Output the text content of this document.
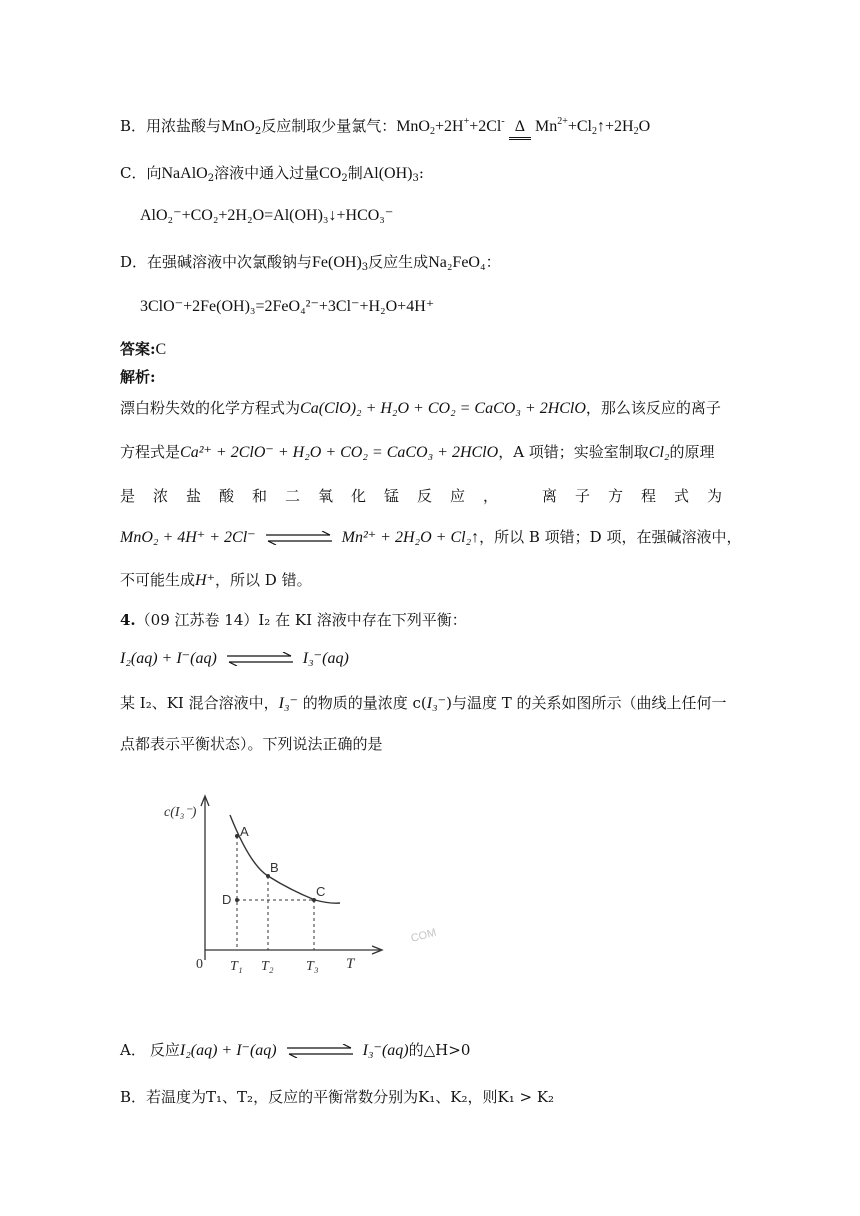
B．用浓盐酸与MnO$_2$反应制取少量氯气：MnO$_2$+2H++2Cl- Δ $Mn^{2+}+Cl_2↑+2H_2O$
C．向NaAlO$_2$溶液中通入过量$CO_2$制$Al(OH)_3$:
AlO₂⁻+CO₂+2H₂O=Al(OH)₃↓+HCO₃⁻
D．在强碱溶液中次氯酸钠与$Fe(OH)_3$反应生成Na₂FeO₄：
3ClO⁻+2Fe(OH)₃=2FeO₄²⁻+3Cl⁻+H₂O+4H⁺
答案:C
解析:
漂白粉失效的化学方程式为Ca(ClO)₂ + H₂O + CO₂ = CaCO₃ + 2HClO，那么该反应的离子
方程式是Ca²⁺ + 2ClO⁻ + H₂O + CO₂ = CaCO₃ + 2HClO，A 项错；实验室制取Cl₂的原理
是浓盐酸和二氧化锰反应， 离子方程式为
MnO₂ + 4H⁺ + 2Cl⁻	Mn²⁺ + 2H₂O + Cl₂↑，所以 B 项错；D 项，在强碱溶液中，
不可能生成H⁺，所以 D 错。
4.（09 江苏卷 14）I₂ 在 KI 溶液中存在下列平衡：
I₂(aq) + I⁻(aq)	I₃⁻(aq)
某 I₂、KI 混合溶液中，I₃⁻ 的物质的量浓度 c(I₃⁻)与温度 T 的关系如图所示（曲线上任何一
点都表示平衡状态）。下列说法正确的是
c(I₃⁻)
A
B
C
D
0 T₁ T₂ T₃ T
COM
A． 反应I₂(aq) + I⁻(aq)	I₃⁻(aq)的△H>0
B．若温度为T₁、T₂，反应的平衡常数分别为K₁、K₂，则K₁ > K₂
